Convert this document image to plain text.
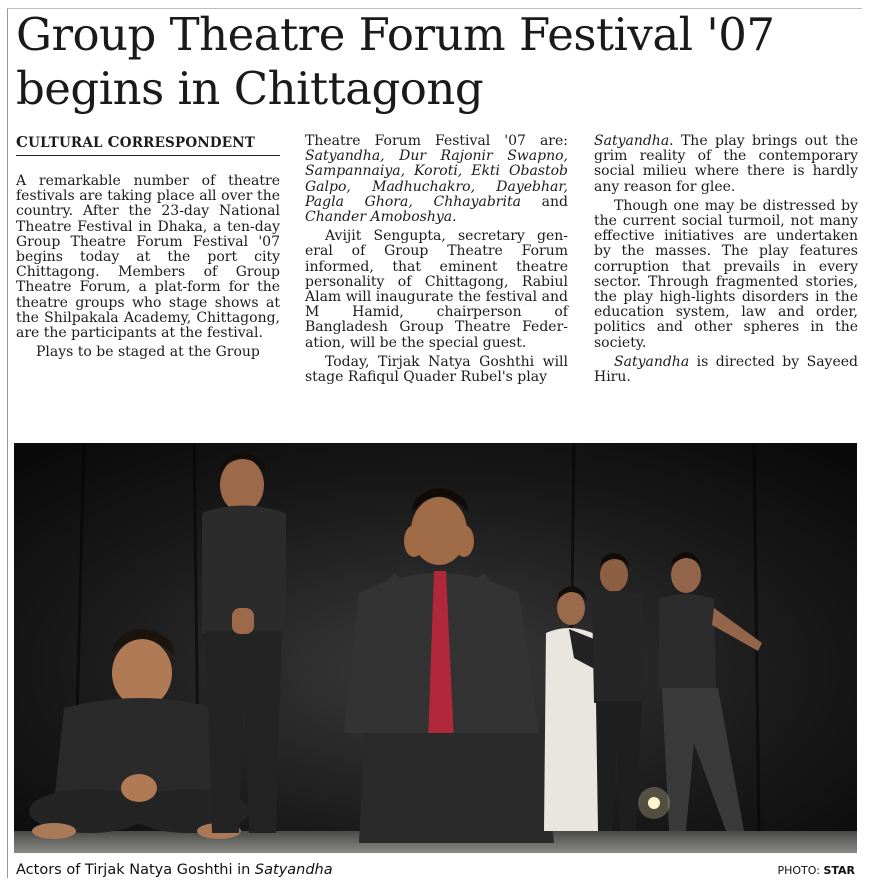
Group Theatre Forum Festival '07
begins in Chittagong
CULTURAL CORRESPONDENT

A remarkable number of theatre festivals are taking place all over the country. After the 23-day National Theatre Festival in Dhaka, a ten-day Group Theatre Forum Festival '07 begins today at the port city Chittagong. Members of Group Theatre Forum, a plat-form for the theatre groups who stage shows at the Shilpakala Academy, Chittagong, are the participants at the festival.

Plays to be staged at the Group

Theatre Forum Festival '07 are: Satyandha, Dur Rajonir Swapno, Sampannaiya, Koroti, Ekti Obastob Galpo, Madhuchakro, Dayebhar, Pagla Ghora, Chhayabrita and Chander Amoboshya.

Avijit Sengupta, secretary gen-eral of Group Theatre Forum informed, that eminent theatre personality of Chittagong, Rabiul Alam will inaugurate the festival and M Hamid, chairperson of Bangladesh Group Theatre Feder-ation, will be the special guest.

Today, Tirjak Natya Goshthi will stage Rafiqul Quader Rubel's play

Satyandha. The play brings out the grim reality of the contemporary social milieu where there is hardly any reason for glee.

Though one may be distressed by the current social turmoil, not many effective initiatives are undertaken by the masses. The play features corruption that prevails in every sector. Through fragmented stories, the play high-lights disorders in the education system, law and order, politics and other spheres in the society.

Satyandha is directed by Sayeed Hiru.

Actors of Tirjak Natya Goshthi in Satyandha	PHOTO: STAR
